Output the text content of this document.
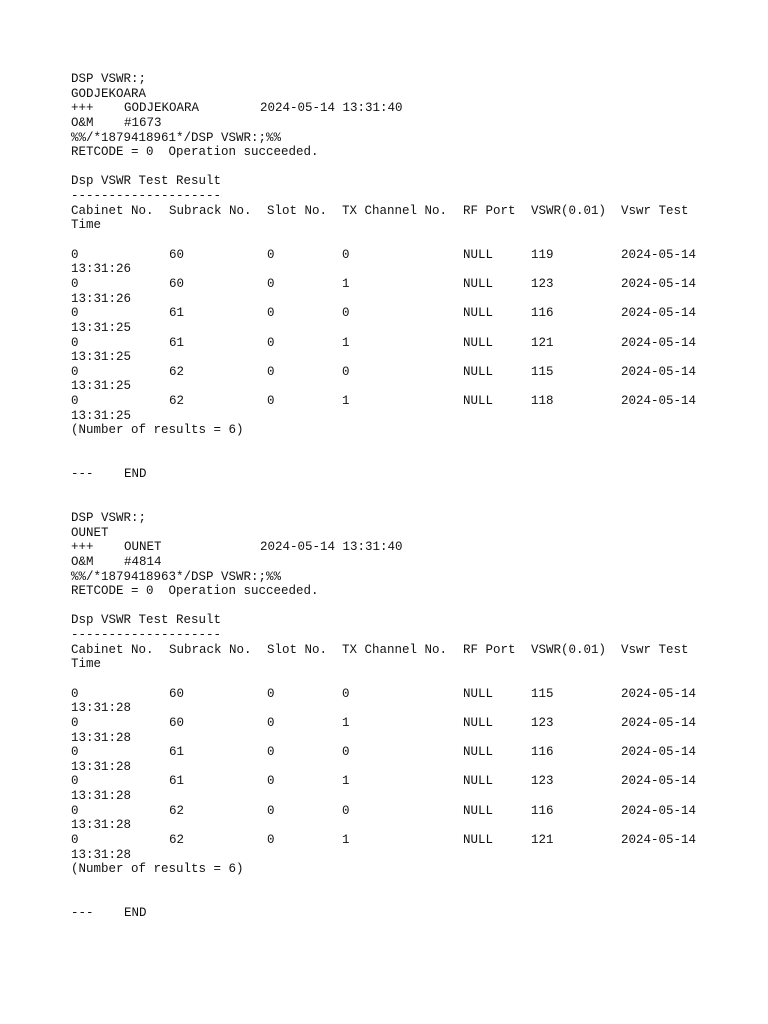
DSP VSWR:;
GODJEKOARA
+++ GODJEKOARA	2024-05-14 13:31:40
O&M #1673
%%/*1879418961*/DSP VSWR:;%%
RETCODE = 0  Operation succeeded.
Dsp VSWR Test Result
--------------------
Cabinet No. Subrack No. Slot No. TX Channel No. RF Port VSWR(0.01) Vswr Test
Time
0	60	0	0	NULL	119	2024-05-14
13:31:26
0	60	0	1	NULL	123	2024-05-14
13:31:26
0	61	0	0	NULL	116	2024-05-14
13:31:25
0	61	0	1	NULL	121	2024-05-14
13:31:25
0	62	0	0	NULL	115	2024-05-14
13:31:25
0	62	0	1	NULL	118	2024-05-14
13:31:25
(Number of results = 6)
--- END
DSP VSWR:;
OUNET
+++ OUNET	2024-05-14 13:31:40
O&M #4814
%%/*1879418963*/DSP VSWR:;%%
RETCODE = 0  Operation succeeded.
Dsp VSWR Test Result
--------------------
Cabinet No. Subrack No. Slot No. TX Channel No. RF Port VSWR(0.01) Vswr Test
Time
0	60	0	0	NULL	115	2024-05-14
13:31:28
0	60	0	1	NULL	123	2024-05-14
13:31:28
0	61	0	0	NULL	116	2024-05-14
13:31:28
0	61	0	1	NULL	123	2024-05-14
13:31:28
0	62	0	0	NULL	116	2024-05-14
13:31:28
0	62	0	1	NULL	121	2024-05-14
13:31:28
(Number of results = 6)
--- END
